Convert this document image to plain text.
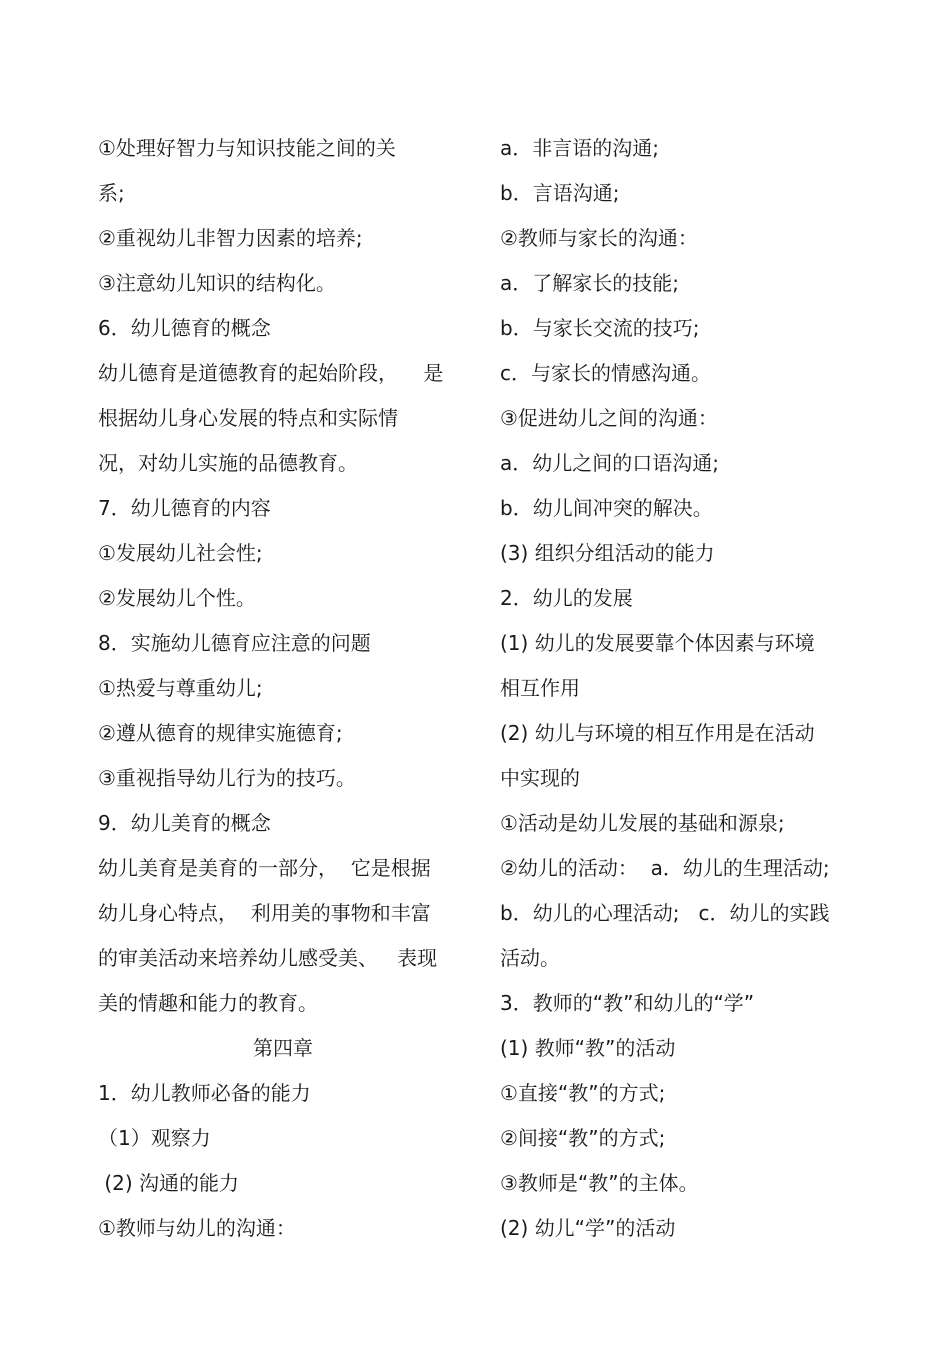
①处理好智力与知识技能之间的关
系;
②重视幼儿非智力因素的培养;
③注意幼儿知识的结构化。
6．幼儿德育的概念
幼儿德育是道德教育的起始阶段，    是
根据幼儿身心发展的特点和实际情
况，对幼儿实施的品德教育。
7．幼儿德育的内容
①发展幼儿社会性;
②发展幼儿个性。
8．实施幼儿德育应注意的问题
①热爱与尊重幼儿;
②遵从德育的规律实施德育;
③重视指导幼儿行为的技巧。
9．幼儿美育的概念
幼儿美育是美育的一部分，  它是根据
幼儿身心特点，  利用美的事物和丰富
的审美活动来培养幼儿感受美、   表现
美的情趣和能力的教育。
第四章
1．幼儿教师必备的能力
（1）观察力
(2) 沟通的能力
①教师与幼儿的沟通：
a．非言语的沟通;
b．言语沟通;
②教师与家长的沟通：
a．了解家长的技能;
b．与家长交流的技巧;
c．与家长的情感沟通。
③促进幼儿之间的沟通：
a．幼儿之间的口语沟通;
b．幼儿间冲突的解决。
(3) 组织分组活动的能力
2．幼儿的发展
(1) 幼儿的发展要靠个体因素与环境
相互作用
(2) 幼儿与环境的相互作用是在活动
中实现的
①活动是幼儿发展的基础和源泉;
②幼儿的活动：  a．幼儿的生理活动;
b．幼儿的心理活动;   c．幼儿的实践
活动。
3．教师的“教”和幼儿的“学”
(1) 教师“教”的活动
①直接“教”的方式;
②间接“教”的方式;
③教师是“教”的主体。
(2) 幼儿“学”的活动
